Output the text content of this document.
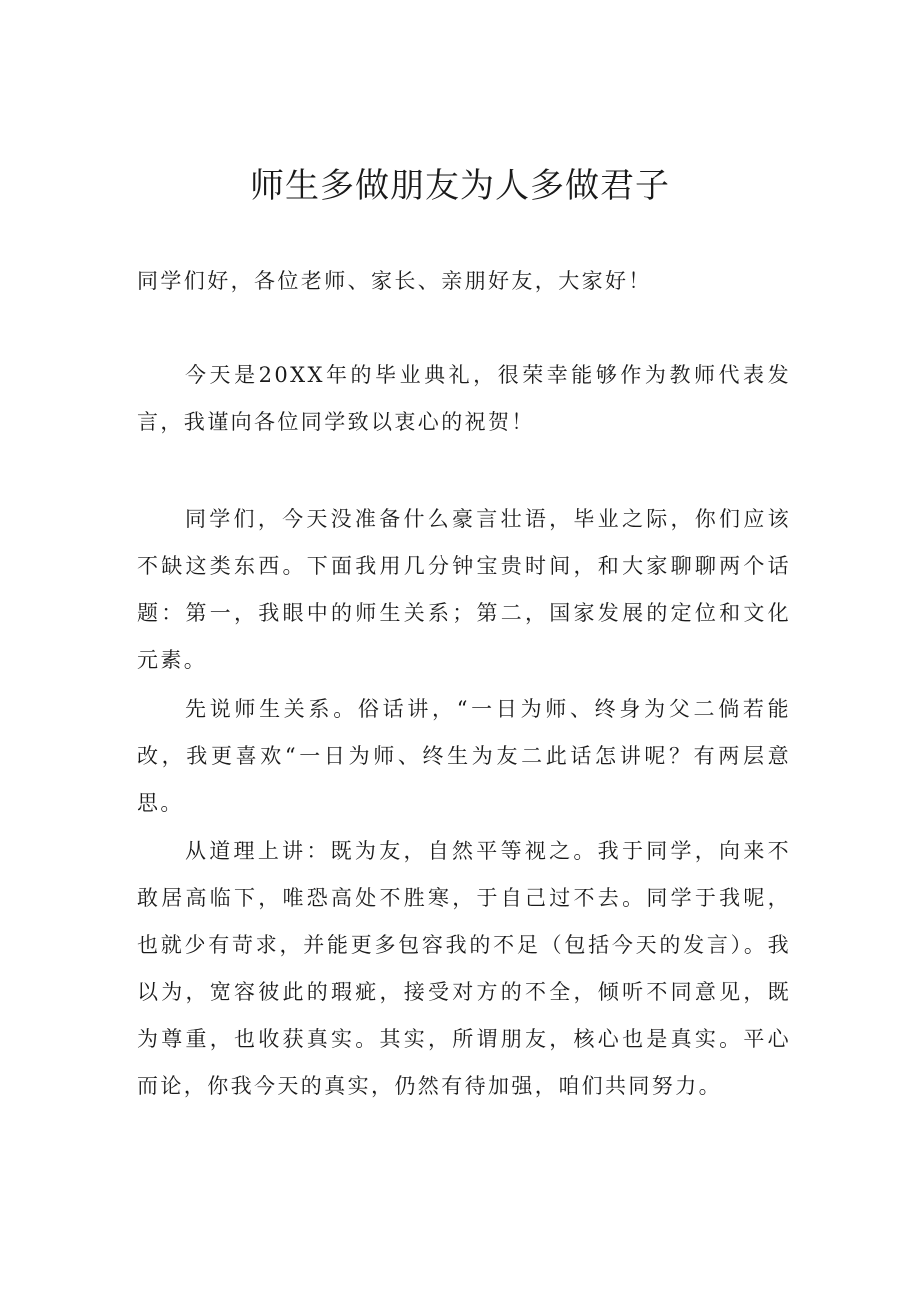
师生多做朋友为人多做君子

同学们好，各位老师、家长、亲朋好友，大家好！

今天是20XX年的毕业典礼，很荣幸能够作为教师代表发言，我谨向各位同学致以衷心的祝贺！

同学们，今天没准备什么豪言壮语，毕业之际，你们应该不缺这类东西。下面我用几分钟宝贵时间，和大家聊聊两个话题：第一，我眼中的师生关系；第二，国家发展的定位和文化元素。

先说师生关系。俗话讲，“一日为师、终身为父二倘若能改，我更喜欢“一日为师、终生为友二此话怎讲呢？有两层意思。

从道理上讲：既为友，自然平等视之。我于同学，向来不敢居高临下，唯恐高处不胜寒，于自己过不去。同学于我呢，也就少有苛求，并能更多包容我的不足（包括今天的发言）。我以为，宽容彼此的瑕疵，接受对方的不全，倾听不同意见，既为尊重，也收获真实。其实，所谓朋友，核心也是真实。平心而论，你我今天的真实，仍然有待加强，咱们共同努力。
